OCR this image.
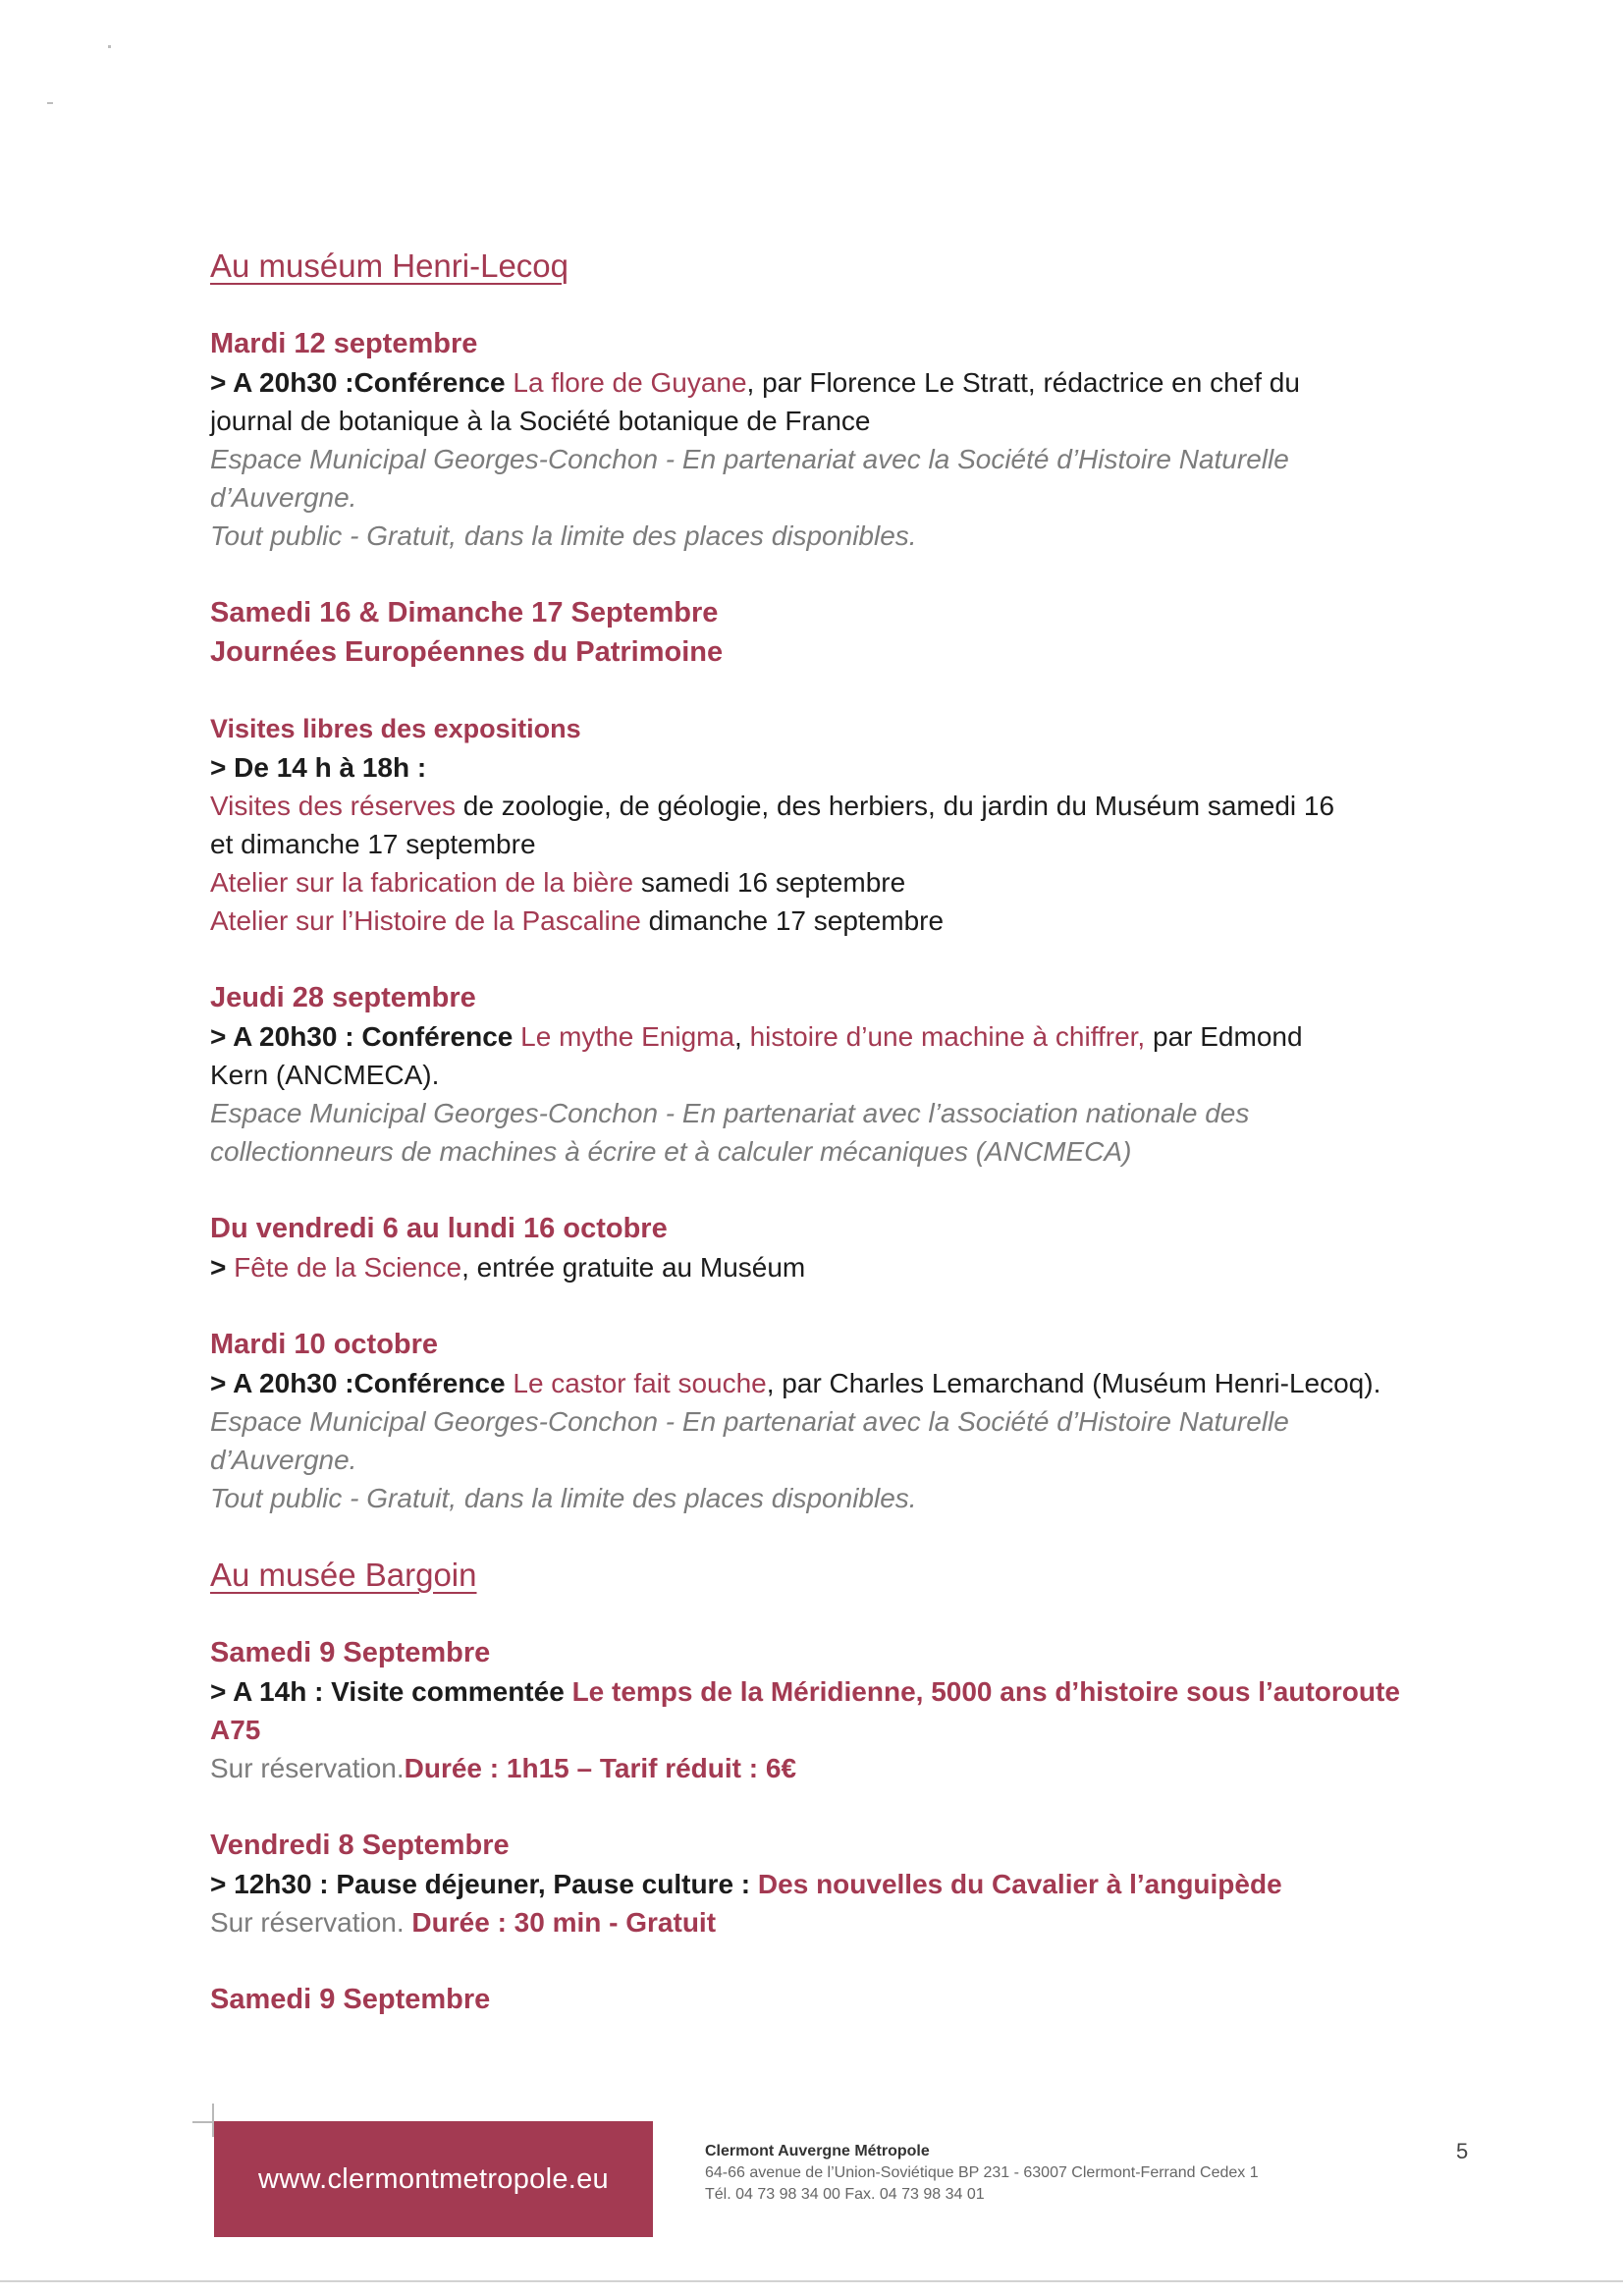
Au muséum Henri-Lecoq
Mardi 12 septembre

> A 20h30 :Conférence La flore de Guyane, par Florence Le Stratt, rédactrice en chef du

journal de botanique à la Société botanique de France

Espace Municipal Georges-Conchon - En partenariat avec la Société d’Histoire Naturelle

d’Auvergne.

Tout public - Gratuit, dans la limite des places disponibles.

Samedi 16 & Dimanche 17 Septembre
Journées Européennes du Patrimoine

Visites libres des expositions

> De 14 h à 18h :

Visites des réserves de zoologie, de géologie, des herbiers, du jardin du Muséum samedi 16

et dimanche 17 septembre

Atelier sur la fabrication de la bière samedi 16 septembre

Atelier sur l’Histoire de la Pascaline dimanche 17 septembre

Jeudi 28 septembre

> A 20h30 : Conférence Le mythe Enigma, histoire d’une machine à chiffrer, par Edmond

Kern (ANCMECA).

Espace Municipal Georges-Conchon - En partenariat avec l’association nationale des

collectionneurs de machines à écrire et à calculer mécaniques (ANCMECA)

Du vendredi 6 au lundi 16 octobre

> Fête de la Science, entrée gratuite au Muséum

Mardi 10 octobre

> A 20h30 :Conférence Le castor fait souche, par Charles Lemarchand (Muséum Henri-Lecoq).

Espace Municipal Georges-Conchon - En partenariat avec la Société d’Histoire Naturelle

d’Auvergne.

Tout public - Gratuit, dans la limite des places disponibles.

Au musée Bargoin
Samedi 9 Septembre

> A 14h : Visite commentée Le temps de la Méridienne, 5000 ans d’histoire sous l’autoroute

A75

Sur réservation.Durée : 1h15 – Tarif réduit : 6€

Vendredi 8 Septembre

> 12h30 : Pause déjeuner, Pause culture : Des nouvelles du Cavalier à l’anguipède

Sur réservation. Durée : 30 min - Gratuit

Samedi 9 Septembre
www.clermontmetropole.eu
Clermont Auvergne Métropole
64-66 avenue de l’Union-Soviétique BP 231 - 63007 Clermont-Ferrand Cedex 1
Tél. 04 73 98 34 00 Fax. 04 73 98 34 01
5
